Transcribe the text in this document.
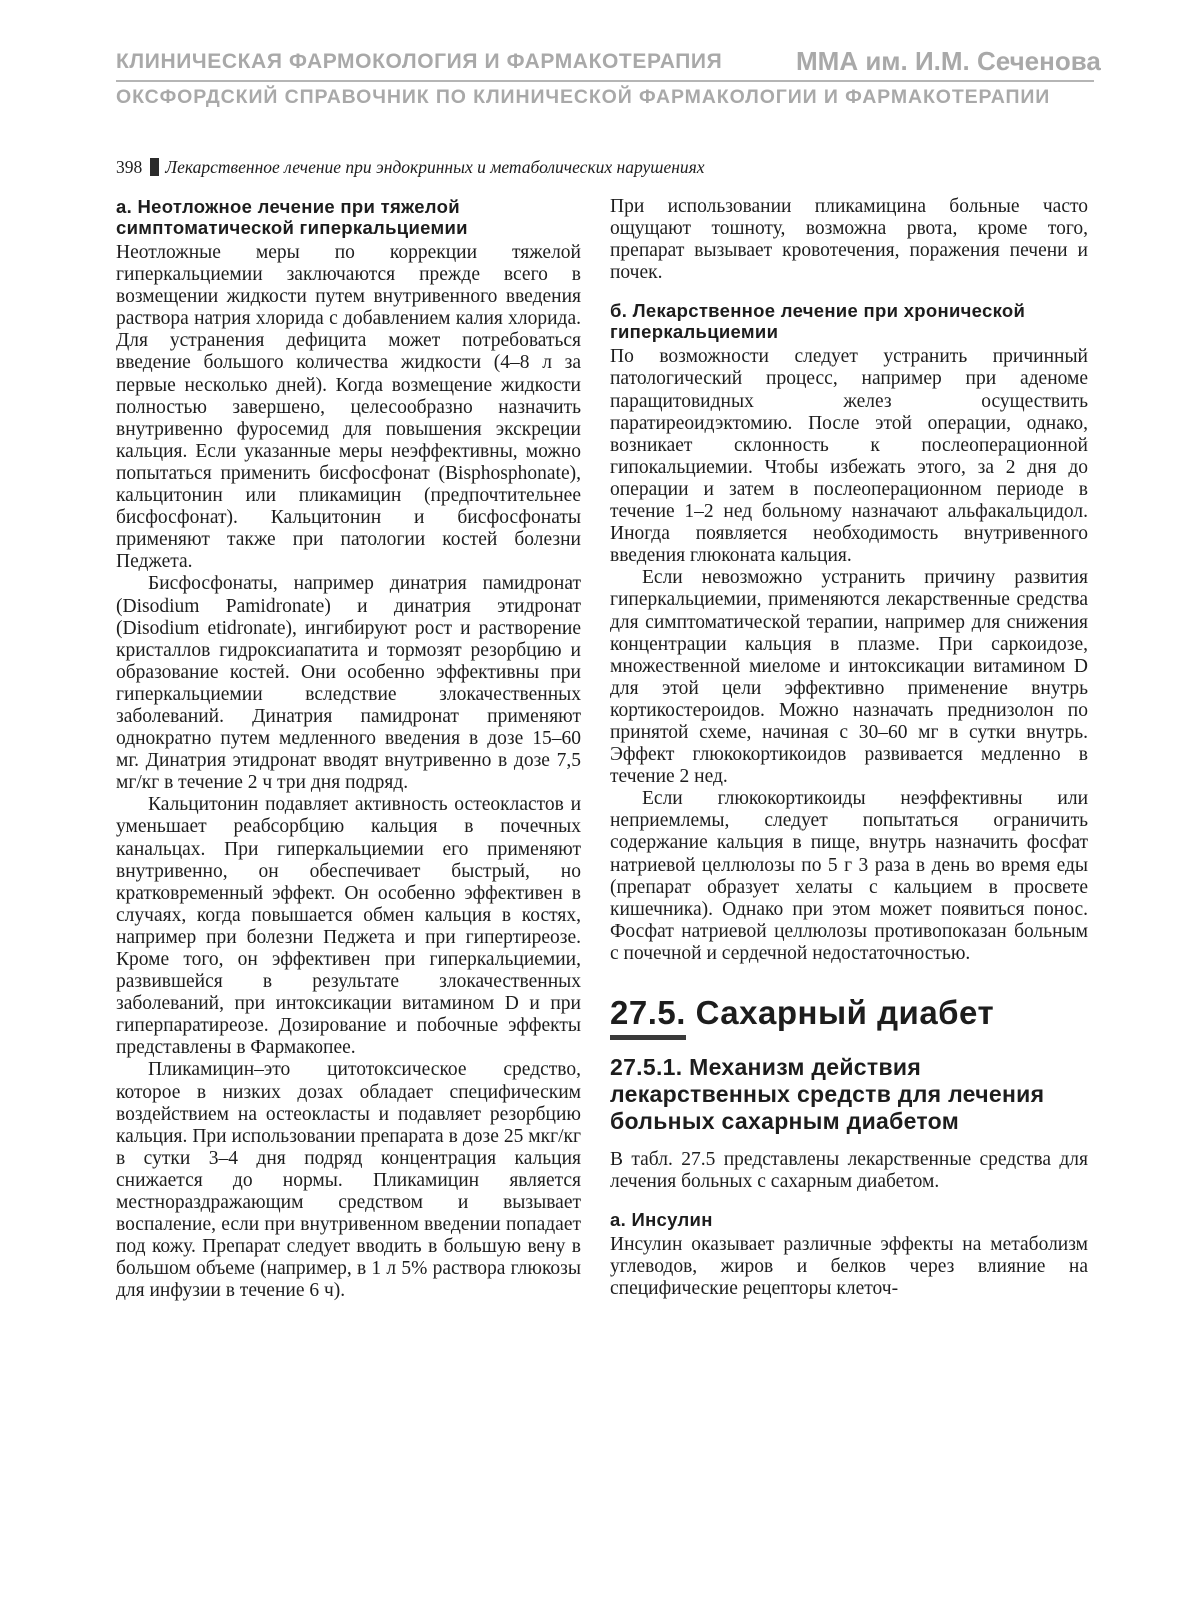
КЛИНИЧЕСКАЯ ФАРМОКОЛОГИЯ И ФАРМАКОТЕРАПИЯ	ММА им. И.М. Сеченова
ОКСФОРДСКИЙ СПРАВОЧНИК ПО КЛИНИЧЕСКОЙ ФАРМАКОЛОГИИ И ФАРМАКОТЕРАПИИ
398 Лекарственное лечение при эндокринных и метаболических нарушениях
а. Неотложное лечение при тяжелой симптоматической гиперкальциемии

Неотложные меры по коррекции тяжелой гиперкальциемии заключаются прежде всего в возмещении жидкости путем внутривенного введения раствора натрия хлорида с добавлением калия хлорида. Для устранения дефицита может потребоваться введение большого количества жидкости (4–8 л за первые несколько дней). Когда возмещение жидкости полностью завершено, целесообразно назначить внутривенно фуросемид для повышения экскреции кальция. Если указанные меры неэффективны, можно попытаться применить бисфосфонат (Bisphosphonate), кальцитонин или пликамицин (предпочтительнее бисфосфонат). Кальцитонин и бисфосфонаты применяют также при патологии костей болезни Педжета.

Бисфосфонаты, например динатрия памидронат (Disodium Pamidronate) и динатрия этидронат (Disodium etidronate), ингибируют рост и растворение кристаллов гидроксиапатита и тормозят резорбцию и образование костей. Они особенно эффективны при гиперкальциемии вследствие злокачественных заболеваний. Динатрия памидронат применяют однократно путем медленного введения в дозе 15–60 мг. Динатрия этидронат вводят внутривенно в дозе 7,5 мг/кг в течение 2 ч три дня подряд.

Кальцитонин подавляет активность остеокластов и уменьшает реабсорбцию кальция в почечных канальцах. При гиперкальциемии его применяют внутривенно, он обеспечивает быстрый, но кратковременный эффект. Он особенно эффективен в случаях, когда повышается обмен кальция в костях, например при болезни Педжета и при гипертиреозе. Кроме того, он эффективен при гиперкальциемии, развившейся в результате злокачественных заболеваний, при интоксикации витамином D и при гиперпаратиреозе. Дозирование и побочные эффекты представлены в Фармакопее.

Пликамицин–это цитотоксическое средство, которое в низких дозах обладает специфическим воздействием на остеокласты и подавляет резорбцию кальция. При использовании препарата в дозе 25 мкг/кг в сутки 3–4 дня подряд концентрация кальция снижается до нормы. Пликамицин является местнораздражающим средством и вызывает воспаление, если при внутривенном введении попадает под кожу. Препарат следует вводить в большую вену в большом объеме (например, в 1 л 5% раствора глюкозы для инфузии в течение 6 ч).

При использовании пликамицина больные часто ощущают тошноту, возможна рвота, кроме того, препарат вызывает кровотечения, поражения печени и почек.

б. Лекарственное лечение при хронической гиперкальциемии

По возможности следует устранить причинный патологический процесс, например при аденоме паращитовидных желез осуществить паратиреоидэктомию. После этой операции, однако, возникает склонность к послеоперационной гипокальциемии. Чтобы избежать этого, за 2 дня до операции и затем в послеоперационном периоде в течение 1–2 нед больному назначают альфакальцидол. Иногда появляется необходимость внутривенного введения глюконата кальция.

Если невозможно устранить причину развития гиперкальциемии, применяются лекарственные средства для симптоматической терапии, например для снижения концентрации кальция в плазме. При саркоидозе, множественной миеломе и интоксикации витамином D для этой цели эффективно применение внутрь кортикостероидов. Можно назначать преднизолон по принятой схеме, начиная с 30–60 мг в сутки внутрь. Эффект глюкокортикоидов развивается медленно в течение 2 нед.

Если глюкокортикоиды неэффективны или неприемлемы, следует попытаться ограничить содержание кальция в пище, внутрь назначить фосфат натриевой целлюлозы по 5 г 3 раза в день во время еды (препарат образует хелаты с кальцием в просвете кишечника). Однако при этом может появиться понос. Фосфат натриевой целлюлозы противопоказан больным с почечной и сердечной недостаточностью.

27.5. Сахарный диабет
27.5.1. Механизм действия лекарственных средств для лечения больных сахарным диабетом

В табл. 27.5 представлены лекарственные средства для лечения больных с сахарным диабетом.

а. Инсулин

Инсулин оказывает различные эффекты на метаболизм углеводов, жиров и белков через влияние на специфические рецепторы клеточ-
